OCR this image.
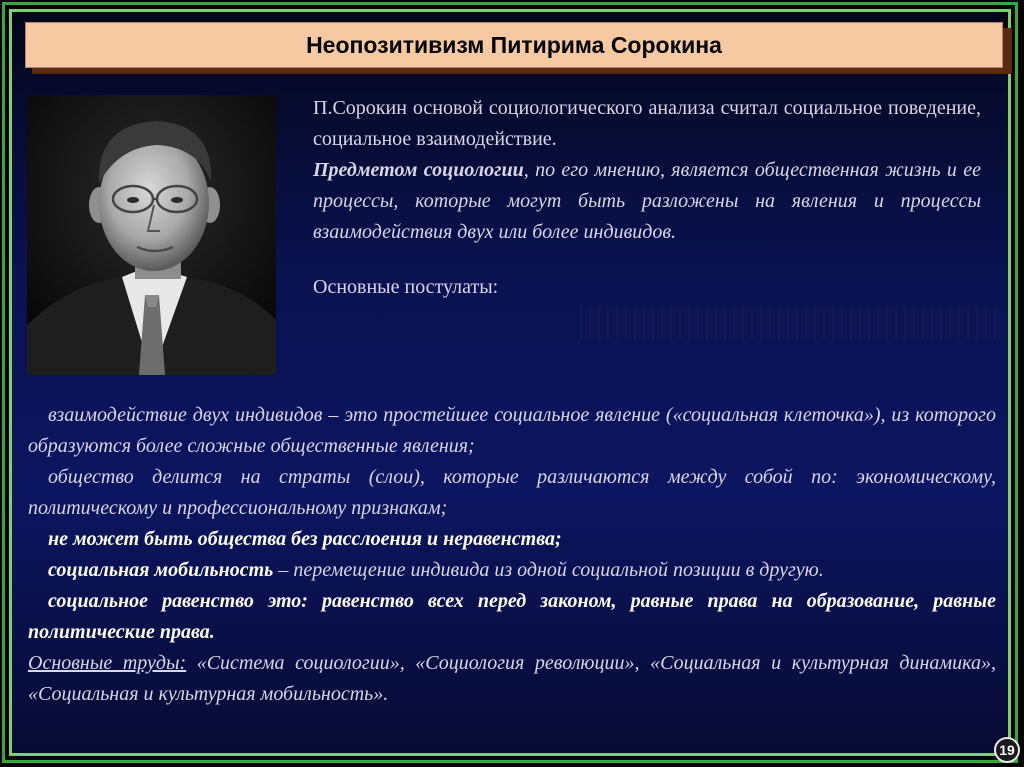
Неопозитивизм Питирима Сорокина

П.Сорокин основой социологического анализа считал социальное поведение, социальное взаимодействие.

Предметом социологии, по его мнению, является общественная жизнь и ее процессы, которые могут быть разложены на явления и процессы взаимодействия двух или более индивидов.

Основные постулаты:

взаимодействие двух индивидов – это простейшее социальное явление («социальная клеточка»), из которого образуются более сложные общественные явления;

общество делится на страты (слои), которые различаются между собой по: экономическому, политическому и профессиональному признакам;

не может быть общества без расслоения и неравенства;

социальная мобильность – перемещение индивида из одной социальной позиции в другую.

социальное равенство это: равенство всех перед законом, равные права на образование, равные политические права.

Основные труды: «Система социологии», «Социология революции», «Социальная и культурная динамика», «Социальная и культурная мобильность».

19
